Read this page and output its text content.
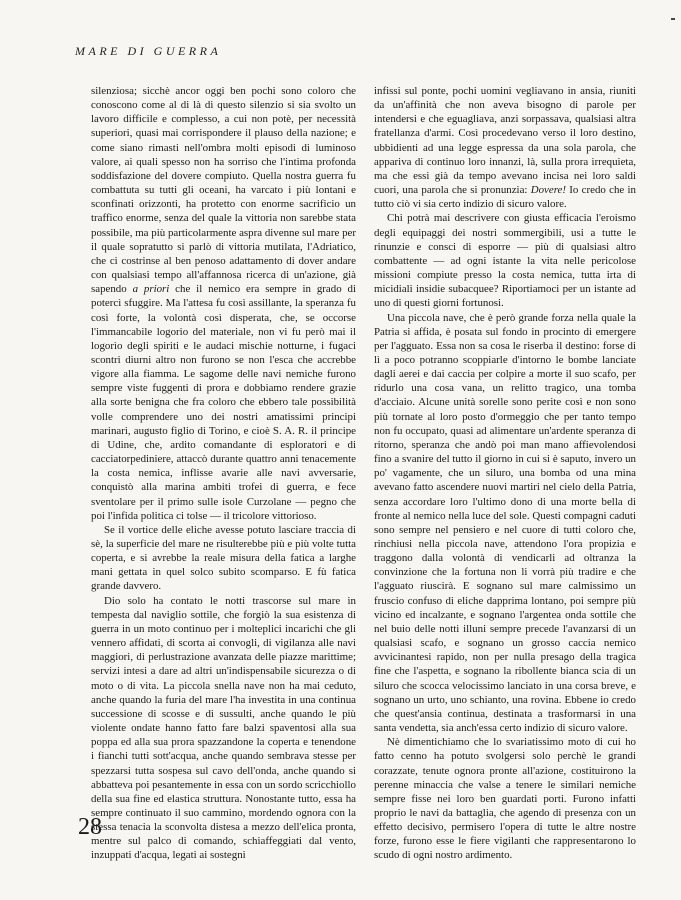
MARE DI GUERRA

silenziosa; sicchè ancor oggi ben pochi sono coloro che conoscono come al di là di questo silenzio si sia svolto un lavoro difficile e complesso, a cui non potè, per necessità superiori, quasi mai corrispondere il plauso della nazione; e come siano rimasti nell'ombra molti episodi di luminoso valore, ai quali spesso non ha sorriso che l'intima profonda soddisfazione del dovere compiuto. Quella nostra guerra fu combattuta su tutti gli oceani, ha varcato i più lontani e sconfinati orizzonti, ha protetto con enorme sacrificio un traffico enorme, senza del quale la vittoria non sarebbe stata possibile, ma più particolarmente aspra divenne sul mare per il quale sopratutto si parlò di vittoria mutilata, l'Adriatico, che ci costrinse al ben penoso adattamento di dover andare con qualsiasi tempo all'affannosa ricerca di un'azione, già sapendo a priori che il nemico era sempre in grado di potercì sfuggire. Ma l'attesa fu così assillante, la speranza fu così forte, la volontà così disperata, che, se occorse l'immancabile logorio del materiale, non vi fu però mai il logorìo degli spiriti e le audaci mischie notturne, i fugaci scontri diurni altro non furono se non l'esca che accrebbe vigore alla fiamma. Le sagome delle navi nemiche furono sempre viste fuggenti di prora e dobbiamo rendere grazie alla sorte benigna che fra coloro che ebbero tale possibilità volle comprendere uno dei nostri amatissimi principi marinari, augusto figlio di Torino, e cioè S. A. R. il principe di Udine, che, ardito comandante di esploratori e di cacciatorpediniere, attaccò durante quattro anni tenacemente la costa nemica, inflisse avarie alle navi avversarie, conquistò alla marina ambiti trofei di guerra, e fece sventolare per il primo sulle isole Curzolane — pegno che poi l'infida politica ci tolse — il tricolore vittorioso.

Se il vortice delle eliche avesse potuto lasciare traccia di sè, la superficie del mare ne risulterebbe più e più volte tutta coperta, e si avrebbe la reale misura della fatica a larghe mani gettata in quel solco subito scomparso. E fù fatica grande davvero.

Dio solo ha contato le notti trascorse sul mare in tempesta dal naviglio sottile, che forgiò la sua esistenza di guerra in un moto continuo per i molteplici incarichi che gli vennero affidati, di scorta ai convogli, di vigilanza alle navi maggiori, di perlustrazione avanzata delle piazze marittime; servizi intesi a dare ad altri un'indispensabile sicurezza o di moto o di vita. La piccola snella nave non ha mai ceduto, anche quando la furia del mare l'ha investita in una continua successione di scosse e di sussulti, anche quando le più violente ondate hanno fatto fare balzi spaventosi alla sua poppa ed alla sua prora spazzandone la coperta e tenendone i fianchi tutti sott'acqua, anche quando sembrava stesse per spezzarsi tutta sospesa sul cavo dell'onda, anche quando si abbatteva poi pesantemente in essa con un sordo scricchiollo della sua fine ed elastica struttura. Nonostante tutto, essa ha sempre continuato il suo cammino, mordendo ognora con la stessa tenacia la sconvolta distesa a mezzo dell'elica pronta, mentre sul palco di comando, schiaffeggiati dal vento, inzuppati d'acqua, legati ai sostegni

infissi sul ponte, pochi uomini vegliavano in ansia, riuniti da un'affinità che non aveva bisogno di parole per intendersi e che eguagliava, anzi sorpassava, qualsiasi altra fratellanza d'armi. Così procedevano verso il loro destino, ubbidienti ad una legge espressa da una sola parola, che appariva di continuo loro innanzi, là, sulla prora irrequieta, ma che essi già da tempo avevano incisa nei loro saldi cuori, una parola che si pronunzia: Dovere! Io credo che in tutto ciò vi sia certo indizio di sicuro valore.

Chi potrà mai descrivere con giusta efficacia l'eroismo degli equipaggi dei nostri sommergibili, usi a tutte le rinunzie e consci di esporre — più di qualsiasi altro combattente — ad ogni istante la vita nelle pericolose missioni compiute presso la costa nemica, tutta irta di micidiali insidie subacquee? Riportiamoci per un istante ad uno di questi giorni fortunosi.

Una piccola nave, che è però grande forza nella quale la Patria si affida, è posata sul fondo in procinto di emergere per l'agguato. Essa non sa cosa le riserba il destino: forse di lì a poco potranno scoppiarle d'intorno le bombe lanciate dagli aerei e dai caccia per colpire a morte il suo scafo, per ridurlo una cosa vana, un relitto tragico, una tomba d'acciaio. Alcune unità sorelle sono perite così e non sono più tornate al loro posto d'ormeggio che per tanto tempo non fu occupato, quasi ad alimentare un'ardente speranza di ritorno, speranza che andò poi man mano affievolendosi fino a svanire del tutto il giorno in cui si è saputo, invero un po' vagamente, che un siluro, una bomba od una mina avevano fatto ascendere nuovi martiri nel cielo della Patria, senza accordare loro l'ultimo dono di una morte bella di fronte al nemico nella luce del sole. Questi compagni caduti sono sempre nel pensiero e nel cuore di tutti coloro che, rinchiusi nella piccola nave, attendono l'ora propizia e traggono dalla volontà di vendicarli ad oltranza la convinzione che la fortuna non li vorrà più tradire e che l'agguato riuscirà. E sognano sul mare calmissimo un fruscio confuso di eliche dapprima lontano, poi sempre più vicino ed incalzante, e sognano l'argentea onda sottile che nel buio delle notti illuni sempre precede l'avanzarsi di un qualsiasi scafo, e sognano un grosso caccia nemico avvicinantesi rapido, non per nulla presago della tragica fine che l'aspetta, e sognano la ribollente bianca scia di un siluro che scocca velocissimo lanciato in una corsa breve, e sognano un urto, uno schianto, una rovina. Ebbene io credo che quest'ansia continua, destinata a trasformarsi in una santa vendetta, sia anch'essa certo indizio di sicuro valore.

Nè dimentichiamo che lo svariatissimo moto di cui ho fatto cenno ha potuto svolgersi solo perchè le grandi corazzate, tenute ognora pronte all'azione, costituirono la perenne minaccia che valse a tenere le similari nemiche sempre fisse nei loro ben guardati porti. Furono infatti proprio le navi da battaglia, che agendo di presenza con un effetto decisivo, permisero l'opera di tutte le altre nostre forze, furono esse le fiere vigilanti che rappresentarono lo scudo di ogni nostro ardimento.

28
